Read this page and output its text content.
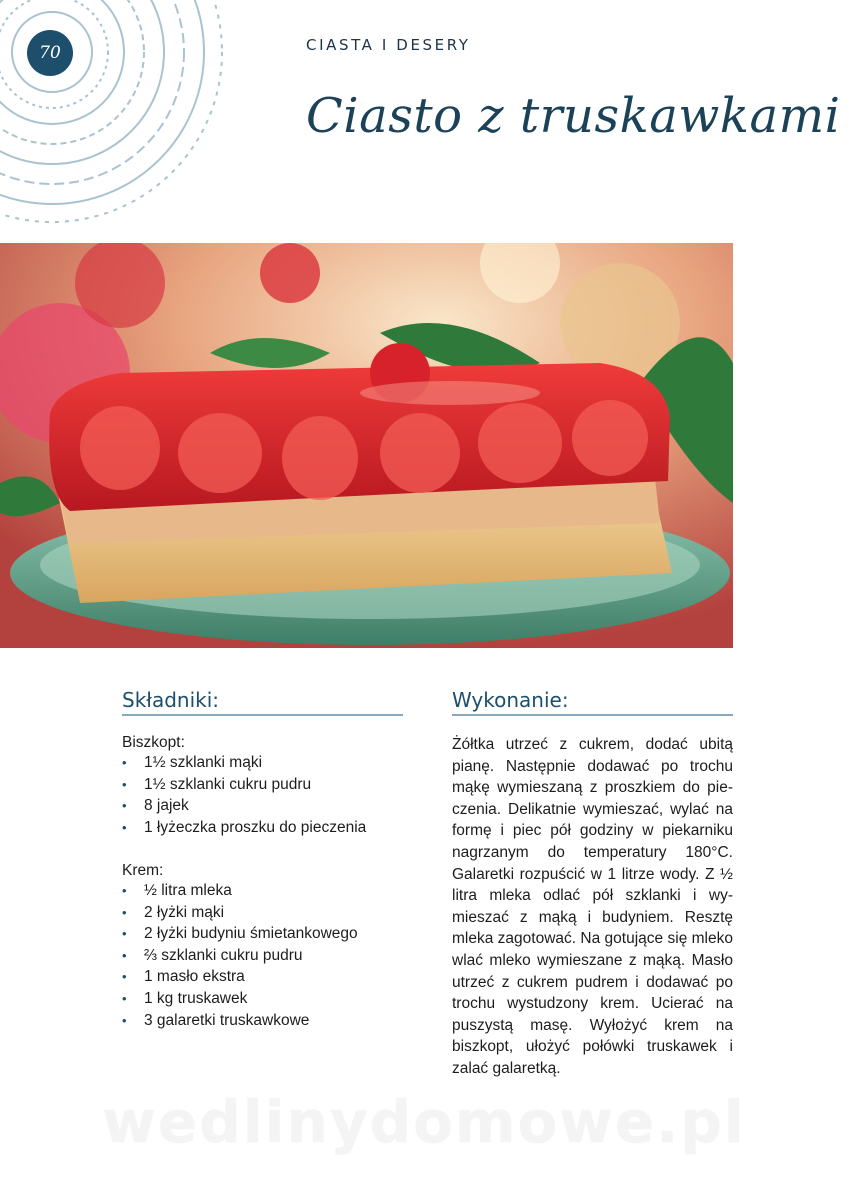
70	CIASTA I DESERY
Ciasto z truskawkami
Składniki:
Biszkopt:
• 1½ szklanki mąki
• 1½ szklanki cukru pudru
• 8 jajek
• 1 łyżeczka proszku do pieczenia
Krem:
• ½ litra mleka
• 2 łyżki mąki
• 2 łyżki budyniu śmietankowego
• ⅔ szklanki cukru pudru
• 1 masło ekstra
• 1 kg truskawek
• 3 galaretki truskawkowe
Wykonanie:
Żółtka utrzeć z cukrem, dodać ubitą pianę. Następnie dodawać po trochu mąkę wymieszaną z proszkiem do pieczenia. Delikatnie wymieszać, wylać na formę i piec pół godziny w piekarniku nagrzanym do temperatury 180°C. Galaretki rozpuścić w 1 litrze wody. Z ½ litra mleka odlać pół szklanki i wymieszać z mąką i budyniem. Resztę mleka zagotować. Na gotujące się mleko wlać mleko wymieszane z mąką. Masło utrzeć z cukrem pudrem i dodawać po trochu wystudzony krem. Ucierać na puszystą masę. Wyłożyć krem na biszkopt, ułożyć połówki truskawek i zalać galaretką.
wedlinydomowe.pl
